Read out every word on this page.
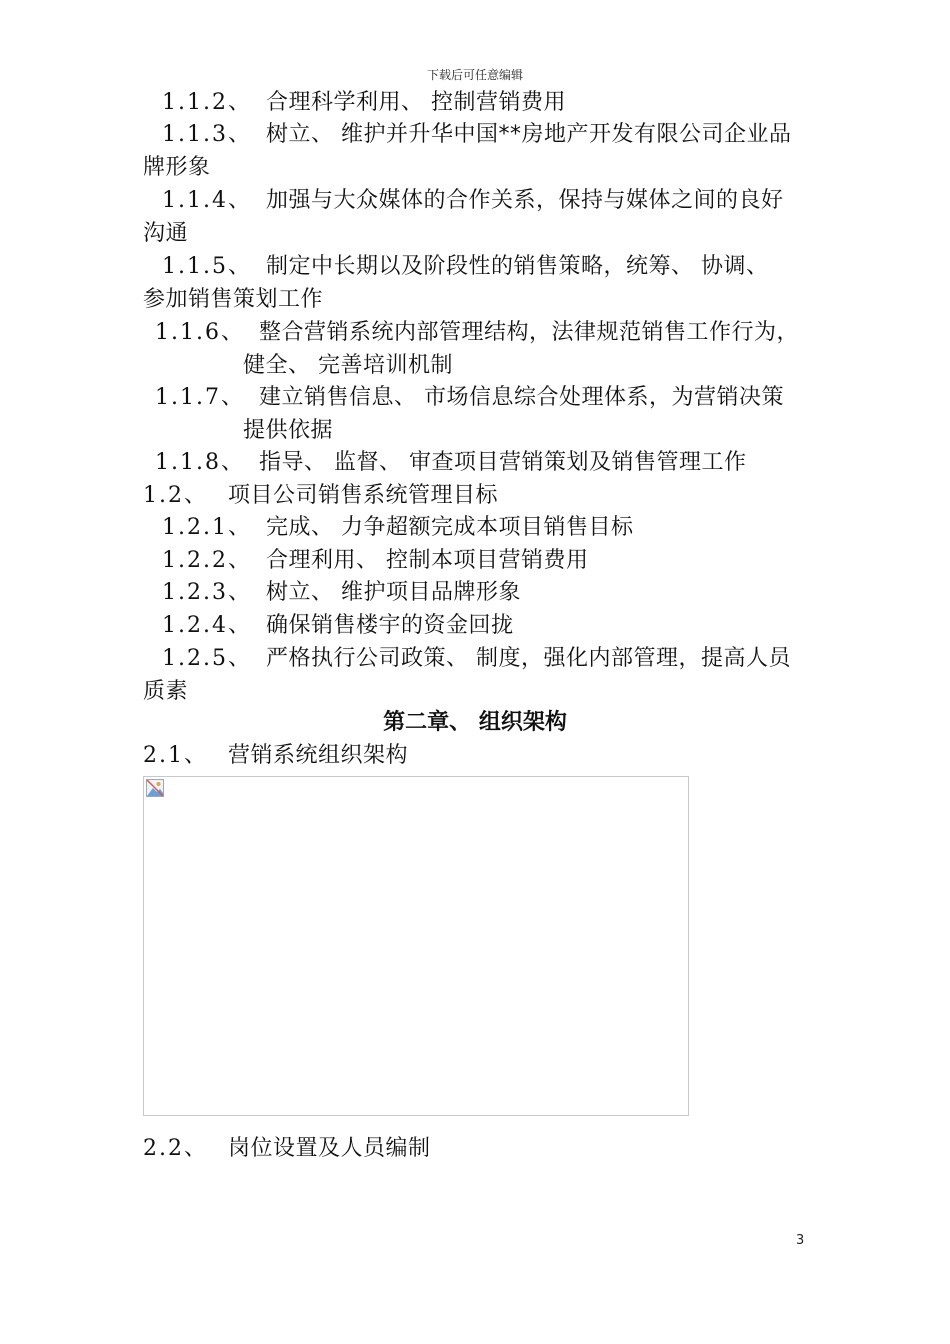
下载后可任意编辑
1.1.2、 合理科学利用、 控制营销费用
1.1.3、 树立、 维护并升华中国**房地产开发有限公司企业品
牌形象
1.1.4、 加强与大众媒体的合作关系，保持与媒体之间的良好
沟通
1.1.5、 制定中长期以及阶段性的销售策略，统筹、 协调、
参加销售策划工作
1.1.6、 整合营销系统内部管理结构，法律规范销售工作行为，
健全、 完善培训机制
1.1.7、 建立销售信息、 市场信息综合处理体系，为营销决策
提供依据
1.1.8、 指导、 监督、 审查项目营销策划及销售管理工作
1.2、 项目公司销售系统管理目标
1.2.1、 完成、 力争超额完成本项目销售目标
1.2.2、 合理利用、 控制本项目营销费用
1.2.3、 树立、 维护项目品牌形象
1.2.4、 确保销售楼宇的资金回拢
1.2.5、 严格执行公司政策、 制度，强化内部管理，提高人员
质素
第二章、 组织架构
2.1、 营销系统组织架构
2.2、 岗位设置及人员编制
3
